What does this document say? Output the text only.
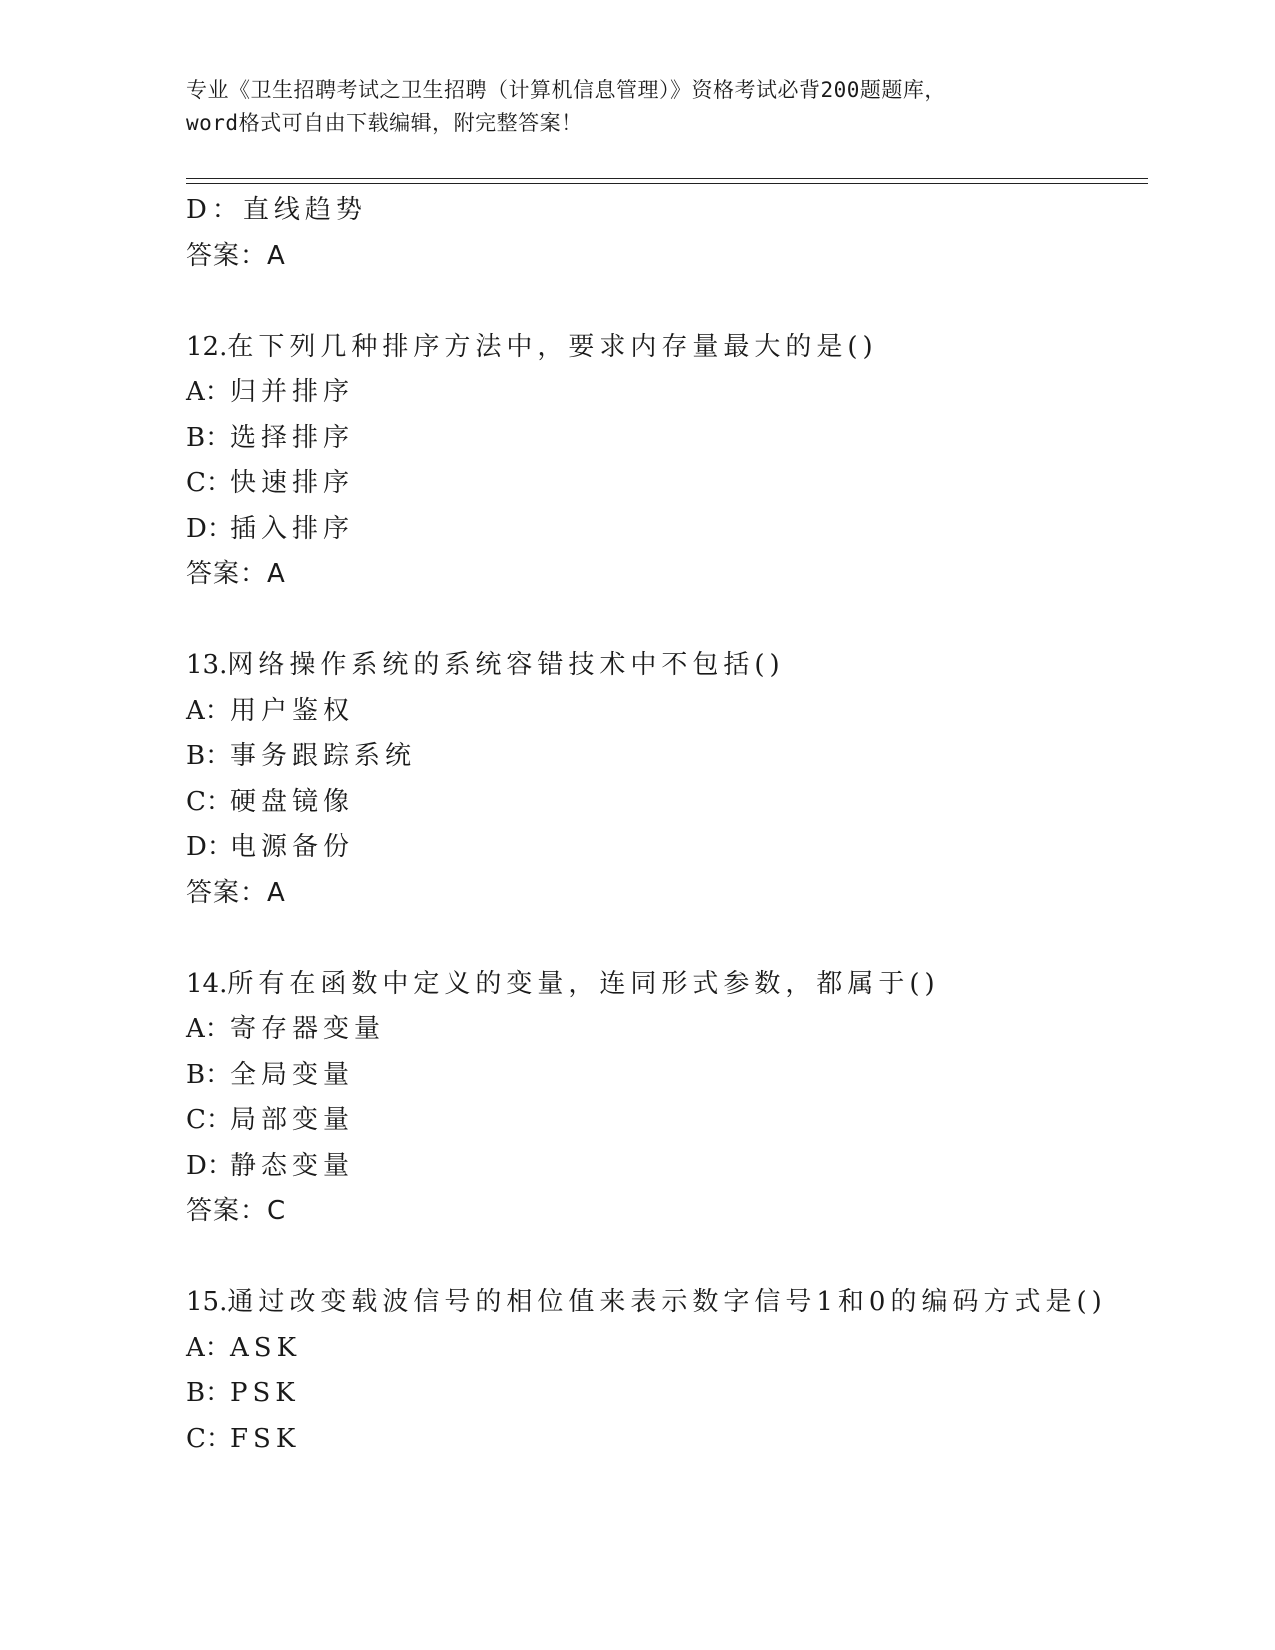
专业《卫生招聘考试之卫生招聘（计算机信息管理）》资格考试必背200题题库，
word格式可自由下载编辑，附完整答案！
D：直线趋势
答案：A
12.在下列几种排序方法中，要求内存量最大的是()
A：归并排序
B：选择排序
C：快速排序
D：插入排序
答案：A
13.网络操作系统的系统容错技术中不包括()
A：用户鉴权
B：事务跟踪系统
C：硬盘镜像
D：电源备份
答案：A
14.所有在函数中定义的变量，连同形式参数，都属于()
A：寄存器变量
B：全局变量
C：局部变量
D：静态变量
答案：C
15.通过改变载波信号的相位值来表示数字信号1和0的编码方式是()
A：ASK
B：PSK
C：FSK
